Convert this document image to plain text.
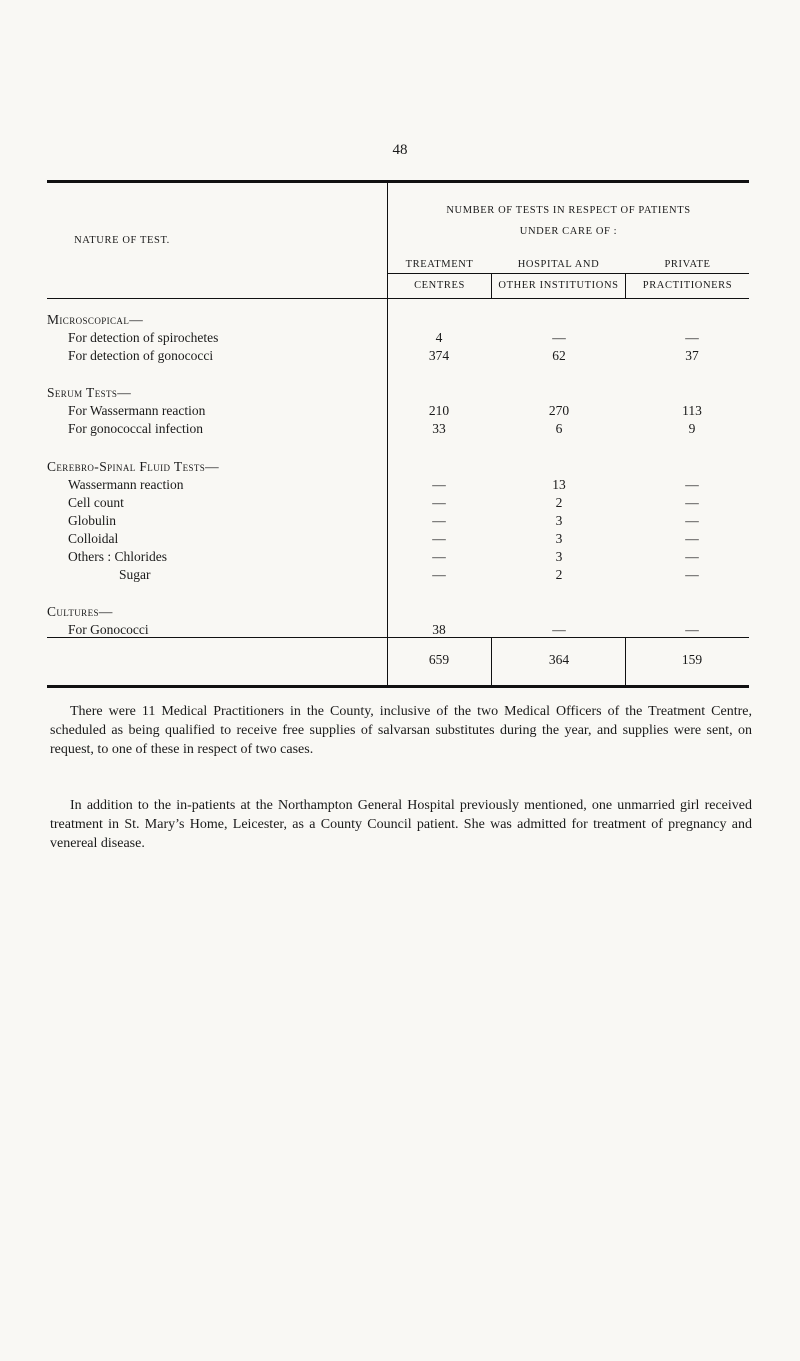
48
NATURE OF TEST.
NUMBER OF TESTS IN RESPECT OF PATIENTS
UNDER CARE OF :
TREATMENT
CENTRES
HOSPITAL AND
OTHER INSTITUTIONS
PRIVATE
PRACTITIONERS
Microscopical—
For detection of spirochetes	4	—	—
For detection of gonococci	374	62	37
Serum Tests—
For Wassermann reaction	210	270	113
For gonococcal infection	33	6	9
Cerebro-Spinal Fluid Tests—
Wassermann reaction	—	13	—
Cell count	—	2	—
Globulin	—	3	—
Colloidal	—	3	—
Others : Chlorides	—	3	—
Sugar	—	2	—
Cultures—
For Gonococci	38	—	—
659	364	159

There were 11 Medical Practitioners in the County, inclusive of the two Medical Officers of the Treatment Centre, scheduled as being qualified to receive free supplies of salvarsan substitutes during the year, and supplies were sent, on request, to one of these in respect of two cases.

In addition to the in-patients at the Northampton General Hospital previously mentioned, one unmarried girl received treatment in St. Mary’s Home, Leicester, as a County Council patient. She was admitted for treatment of pregnancy and venereal disease.
